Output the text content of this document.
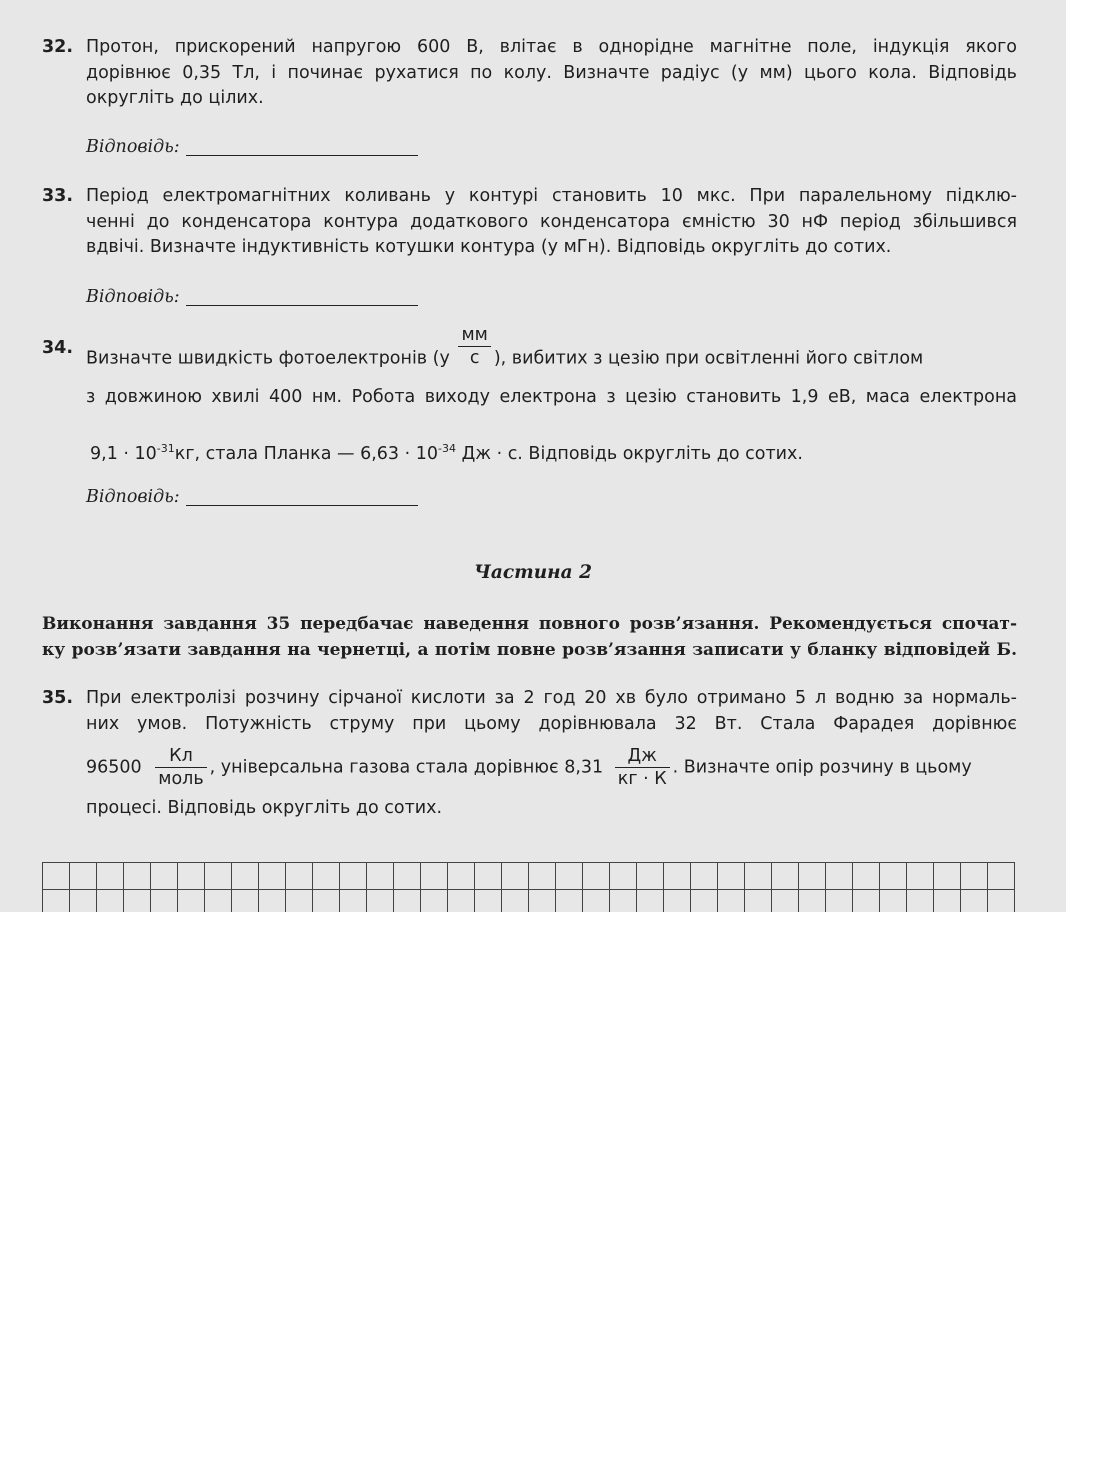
32. Протон, прискорений напругою 600 В, влітає в однорідне магнітне поле, індукція якого
дорівнює 0,35 Тл, і починає рухатися по колу. Визначте радіус (у мм) цього кола. Відповідь
округліть до цілих.
Відповідь:
33. Період електромагнітних коливань у контурі становить 10 мкс. При паралельному підклю-
ченні до конденсатора контура додаткового конденсатора ємністю 30 нФ період збільшився
вдвічі. Визначте індуктивність котушки контура (у мГн). Відповідь округліть до сотих.
Відповідь:
34.
Визначте швидкість фотоелектронів ($у \frac{мм}{с}$ ), вибитих з цезію при освітленні його світлом
з довжиною хвилі 400 нм. Робота виходу електрона з цезію становить 1,9 еВ, маса електрона
$9,1 \cdot 10^{-31}кг$, стала Планка — $6,63 \cdot 10^{-34}$ Дж · с. Відповідь округліть до сотих.
Відповідь:
Частина 2
Виконання завдання 35 передбачає наведення повного розв’язання. Рекомендується спочат-
ку розв’язати завдання на чернетці, а потім повне розв’язання записати у бланку відповідей Б.
35. При електролізі розчину сірчаної кислоти за 2 год 20 хв було отримано 5 л водню за нормаль-
них умов. Потужність струму при цьому дорівнювала 32 Вт. Стала Фарадея дорівнює
$96500 \frac{Кл}{\text{моль}}$ , універсальна газова стала дорівнює $8,31 \frac{Дж}{кг \cdot К}$ . Визначте опір розчину в цьому
процесі. Відповідь округліть до сотих.
